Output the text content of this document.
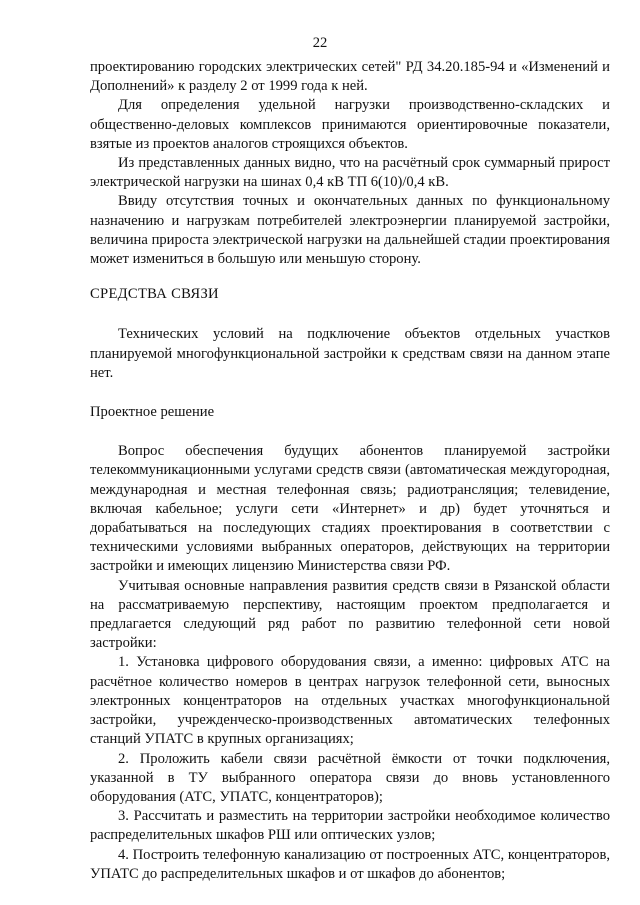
22

проектированию городских электрических сетей" РД 34.20.185-94 и «Изменений и Дополнений» к разделу 2 от 1999 года к ней.

Для определения удельной нагрузки производственно-складских и общественно-деловых комплексов принимаются ориентировочные показатели, взятые из проектов аналогов строящихся объектов.

Из представленных данных видно, что на расчётный срок суммарный прирост электрической нагрузки на шинах 0,4 кВ ТП 6(10)/0,4 кВ.

Ввиду отсутствия точных и окончательных данных по функциональному назначению и нагрузкам потребителей электроэнергии планируемой застройки, величина прироста электрической нагрузки на дальнейшей стадии проектирования может измениться в большую или меньшую сторону.

СРЕДСТВА СВЯЗИ

Технических условий на подключение объектов отдельных участков планируемой многофункциональной застройки к средствам связи на данном этапе нет.

Проектное решение

Вопрос обеспечения будущих абонентов планируемой застройки телекоммуникационными услугами средств связи (автоматическая междугородная, международная и местная телефонная связь; радиотрансляция; телевидение, включая кабельное; услуги сети «Интернет» и др) будет уточняться и дорабатываться на последующих стадиях проектирования в соответствии с техническими условиями выбранных операторов, действующих на территории застройки и имеющих лицензию Министерства связи РФ.

Учитывая основные направления развития средств связи в Рязанской области на рассматриваемую перспективу, настоящим проектом предполагается и предлагается следующий ряд работ по развитию телефонной сети новой застройки:

1. Установка цифрового оборудования связи, а именно: цифровых АТС на расчётное количество номеров в центрах нагрузок телефонной сети, выносных электронных концентраторов на отдельных участках многофункциональной застройки, учрежденческо-производственных автоматических телефонных станций УПАТС в крупных организациях;

2. Проложить кабели связи расчётной ёмкости от точки подключения, указанной в ТУ выбранного оператора связи до вновь установленного оборудования (АТС, УПАТС, концентраторов);

3. Рассчитать и разместить на территории застройки необходимое количество распределительных шкафов РШ или оптических узлов;

4. Построить телефонную канализацию от построенных АТС, концентраторов, УПАТС до распределительных шкафов и от шкафов до абонентов;
